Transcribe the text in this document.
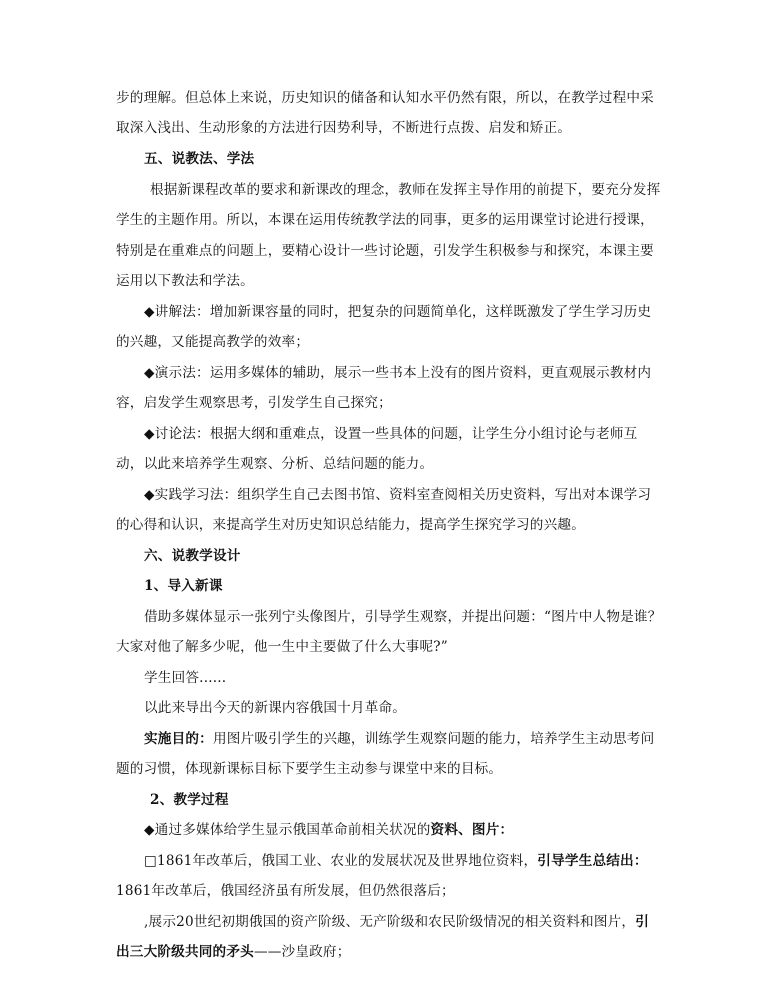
步的理解。但总体上来说，历史知识的储备和认知水平仍然有限，所以，在教学过程中采
取深入浅出、生动形象的方法进行因势利导，不断进行点拨、启发和矫正。
五、说教法、学法
根据新课程改革的要求和新课改的理念，教师在发挥主导作用的前提下，要充分发挥
学生的主题作用。所以，本课在运用传统教学法的同事，更多的运用课堂讨论进行授课，
特别是在重难点的问题上，要精心设计一些讨论题，引发学生积极参与和探究，本课主要
运用以下教法和学法。
◆讲解法：增加新课容量的同时，把复杂的问题简单化，这样既激发了学生学习历史
的兴趣，又能提高教学的效率；
◆演示法：运用多媒体的辅助，展示一些书本上没有的图片资料，更直观展示教材内
容，启发学生观察思考，引发学生自己探究；
◆讨论法：根据大纲和重难点，设置一些具体的问题，让学生分小组讨论与老师互
动，以此来培养学生观察、分析、总结问题的能力。
◆实践学习法：组织学生自己去图书馆、资料室查阅相关历史资料，写出对本课学习
的心得和认识，来提高学生对历史知识总结能力，提高学生探究学习的兴趣。
六、说教学设计
1、导入新课
借助多媒体显示一张列宁头像图片，引导学生观察，并提出问题：“图片中人物是谁？
大家对他了解多少呢，他一生中主要做了什么大事呢?”
学生回答......
以此来导出今天的新课内容俄国十月革命。
实施目的：用图片吸引学生的兴趣，训练学生观察问题的能力，培养学生主动思考问
题的习惯，体现新课标目标下要学生主动参与课堂中来的目标。
2、教学过程
◆通过多媒体给学生显示俄国革命前相关状况的资料、图片：
□1861年改革后，俄国工业、农业的发展状况及世界地位资料，引导学生总结出：
1861年改革后，俄国经济虽有所发展，但仍然很落后；
,展示20世纪初期俄国的资产阶级、无产阶级和农民阶级情况的相关资料和图片，引
出三大阶级共同的矛头——沙皇政府；
